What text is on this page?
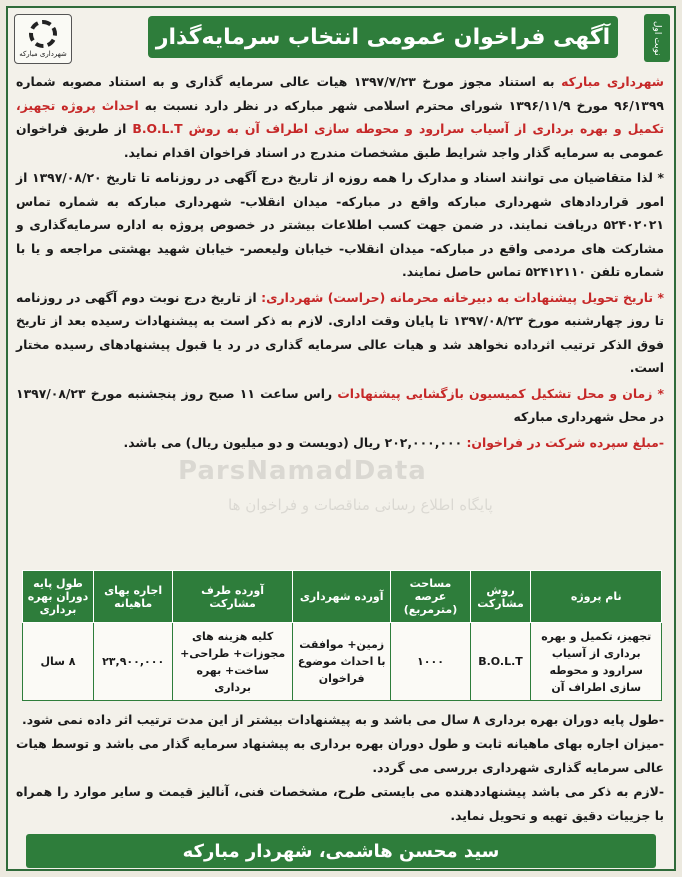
شهرداری مبارکه
آگهی فراخوان عمومی انتخاب سرمایه‌گذار	نوبت اول

شهرداری مبارکه به استناد مجوز مورخ ۱۳۹۷/۷/۲۳ هیات عالی سرمایه گذاری و به استناد مصوبه شماره ۹۶/۱۳۹۹ مورخ ۱۳۹۶/۱۱/۹ شورای محترم اسلامی شهر مبارکه در نظر دارد نسبت به احداث پروژه تجهیز، تکمیل و بهره برداری از آسیاب سرارود و محوطه سازی اطراف آن به روش B.O.L.T از طریق فراخوان عمومی به سرمایه گذار واجد شرایط طبق مشخصات مندرج در اسناد فراخوان اقدام نماید.

* لذا متقاضیان می توانند اسناد و مدارک را همه روزه از تاریخ درج آگهی در روزنامه تا تاریخ ۱۳۹۷/۰۸/۲۰ از امور قراردادهای شهرداری مبارکه واقع در مبارکه- میدان انقلاب- شهرداری مبارکه به شماره تماس ۵۲۴۰۲۰۲۱ دریافت نمایند. در ضمن جهت کسب اطلاعات بیشتر در خصوص پروژه به اداره سرمایه‌گذاری و مشارکت های مردمی واقع در مبارکه- میدان انقلاب- خیابان ولیعصر- خیابان شهید بهشتی مراجعه و یا با شماره تلفن ۵۲۴۱۲۱۱۰ تماس حاصل نمایند.

* تاریخ تحویل پیشنهادات به دبیرخانه محرمانه (حراست) شهرداری: از تاریخ درج نوبت دوم آگهی در روزنامه تا روز چهارشنبه مورخ ۱۳۹۷/۰۸/۲۳ تا پایان وقت اداری. لازم به ذکر است به پیشنهادات رسیده بعد از تاریخ فوق الذکر ترتیب اثرداده نخواهد شد و هیات عالی سرمایه گذاری در رد یا قبول پیشنهادهای رسیده مختار است.

* زمان و محل تشکیل کمیسیون بازگشایی پیشنهادات راس ساعت ۱۱ صبح روز پنجشنبه مورخ ۱۳۹۷/۰۸/۲۳ در محل شهرداری مبارکه

-مبلغ سپرده شرکت در فراخوان: ۲۰۲,۰۰۰,۰۰۰ ریال (دویست و دو میلیون ریال) می باشد.

ParsNamadData
پایگاه اطلاع رسانی مناقصات و فراخوان ها
نام پروژه	روش مشارکت	مساحت عرصه (مترمربع)	آورده شهرداری	آورده طرف مشارکت	اجاره بهای ماهیانه	طول پایه دوران بهره برداری
تجهیز، تکمیل و بهره برداری از آسیاب سرارود و محوطه سازی اطراف آن	B.O.L.T	۱۰۰۰	زمین+ موافقت با احداث موضوع فراخوان	کلیه هزینه های مجوزات+ طراحی+ ساخت+ بهره برداری	۲۳,۹۰۰,۰۰۰	۸ سال

-طول پایه دوران بهره برداری ۸ سال می باشد و به پیشنهادات بیشتر از این مدت ترتیب اثر داده نمی شود.

-میزان اجاره بهای ماهیانه ثابت و طول دوران بهره برداری به پیشنهاد سرمایه گذار می باشد و توسط هیات عالی سرمایه گذاری شهرداری بررسی می گردد.

-لازم به ذکر می باشد پیشنهاددهنده می بایستی طرح، مشخصات فنی، آنالیز قیمت و سایر موارد را همراه با جزییات دقیق تهیه و تحویل نماید.

سید محسن هاشمی، شهردار مبارکه
